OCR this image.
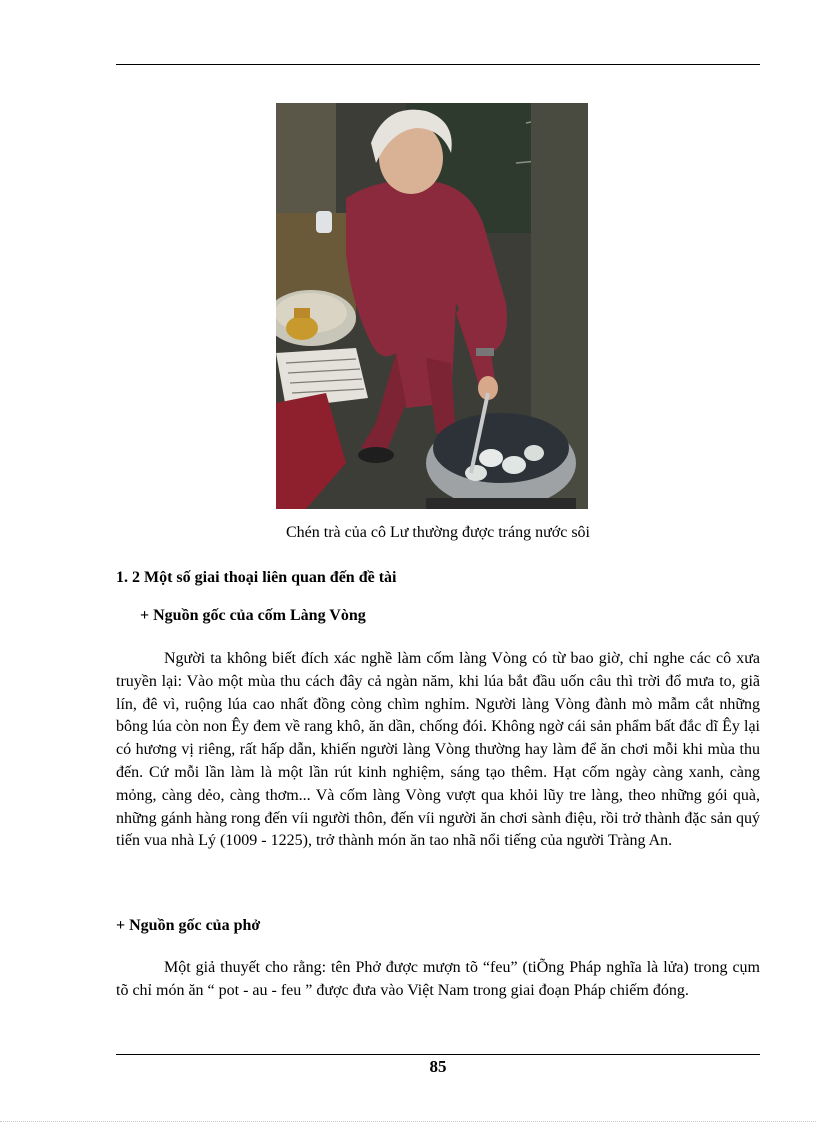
Chén trà của cô Lư thường được tráng nước sôi
1. 2 Một số giai thoại liên quan đến đề tài
+ Nguồn gốc của cốm Làng Vòng

Người ta không biết đích xác nghề làm cốm làng Vòng có từ bao giờ, chỉ nghe các cô xưa truyền lại: Vào một mùa thu cách đây cả ngàn năm, khi lúa bắt đầu uốn câu thì trời đổ mưa to, giã lín, đê vì, ruộng lúa cao nhất đồng còng chìm nghỉm. Người làng Vòng đành mò mẫm cắt những bông lúa còn non Êy đem về rang khô, ăn dần, chống đói. Không ngờ cái sản phẩm bất đắc dĩ Êy lại có hương vị riêng, rất hấp dẫn, khiến người làng Vòng thường hay làm để ăn chơi mỗi khi mùa thu đến. Cứ mỗi lần làm là một lần rút kinh nghiệm, sáng tạo thêm. Hạt cốm ngày càng xanh, càng mỏng, càng dẻo, càng thơm... Và cốm làng Vòng vượt qua khỏi lũy tre làng, theo những gói quà, những gánh hàng rong đến víi người thôn, đến víi người ăn chơi sành điệu, rồi trở thành đặc sản quý tiến vua nhà Lý (1009 - 1225), trở thành món ăn tao nhã nổi tiếng của người Tràng An.

+ Nguồn gốc của phở

Một giả thuyết cho rằng: tên Phở được mượn tõ “feu” (tiÕng Pháp nghĩa là lửa) trong cụm tõ chỉ món ăn “ pot - au - feu ” được đưa vào Việt Nam trong giai đoạn Pháp chiếm đóng.

85
